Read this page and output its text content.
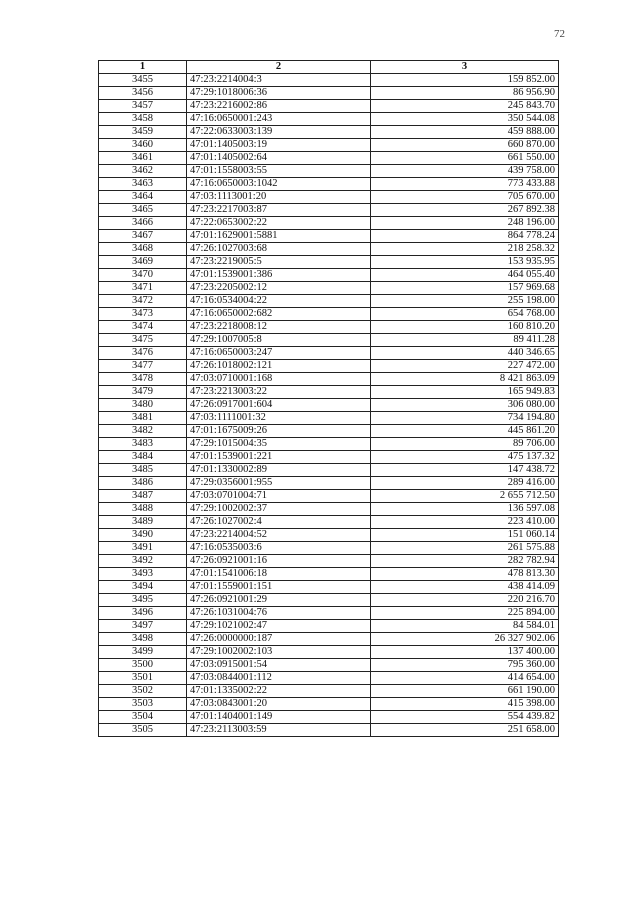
72
1	2	3
3455	47:23:2214004:3	159 852.00
3456	47:29:1018006:36	86 956.90
3457	47:23:2216002:86	245 843.70
3458	47:16:0650001:243	350 544.08
3459	47:22:0633003:139	459 888.00
3460	47:01:1405003:19	660 870.00
3461	47:01:1405002:64	661 550.00
3462	47:01:1558003:55	439 758.00
3463	47:16:0650003:1042	773 433.88
3464	47:03:1113001:20	705 670.00
3465	47:23:2217003:87	267 892.38
3466	47:22:0653002:22	248 196.00
3467	47:01:1629001:5881	864 778.24
3468	47:26:1027003:68	218 258.32
3469	47:23:2219005:5	153 935.95
3470	47:01:1539001:386	464 055.40
3471	47:23:2205002:12	157 969.68
3472	47:16:0534004:22	255 198.00
3473	47:16:0650002:682	654 768.00
3474	47:23:2218008:12	160 810.20
3475	47:29:1007005:8	89 411.28
3476	47:16:0650003:247	440 346.65
3477	47:26:1018002:121	227 472.00
3478	47:03:0710001:168	8 421 863.09
3479	47:23:2213003:22	165 949.83
3480	47:26:0917001:604	306 080.00
3481	47:03:1111001:32	734 194.80
3482	47:01:1675009:26	445 861.20
3483	47:29:1015004:35	89 706.00
3484	47:01:1539001:221	475 137.32
3485	47:01:1330002:89	147 438.72
3486	47:29:0356001:955	289 416.00
3487	47:03:0701004:71	2 655 712.50
3488	47:29:1002002:37	136 597.08
3489	47:26:1027002:4	223 410.00
3490	47:23:2214004:52	151 060.14
3491	47:16:0535003:6	261 575.88
3492	47:26:0921001:16	282 782.94
3493	47:01:1541006:18	478 813.30
3494	47:01:1559001:151	438 414.09
3495	47:26:0921001:29	220 216.70
3496	47:26:1031004:76	225 894.00
3497	47:29:1021002:47	84 584.01
3498	47:26:0000000:187	26 327 902.06
3499	47:29:1002002:103	137 400.00
3500	47:03:0915001:54	795 360.00
3501	47:03:0844001:112	414 654.00
3502	47:01:1335002:22	661 190.00
3503	47:03:0843001:20	415 398.00
3504	47:01:1404001:149	554 439.82
3505	47:23:2113003:59	251 658.00
